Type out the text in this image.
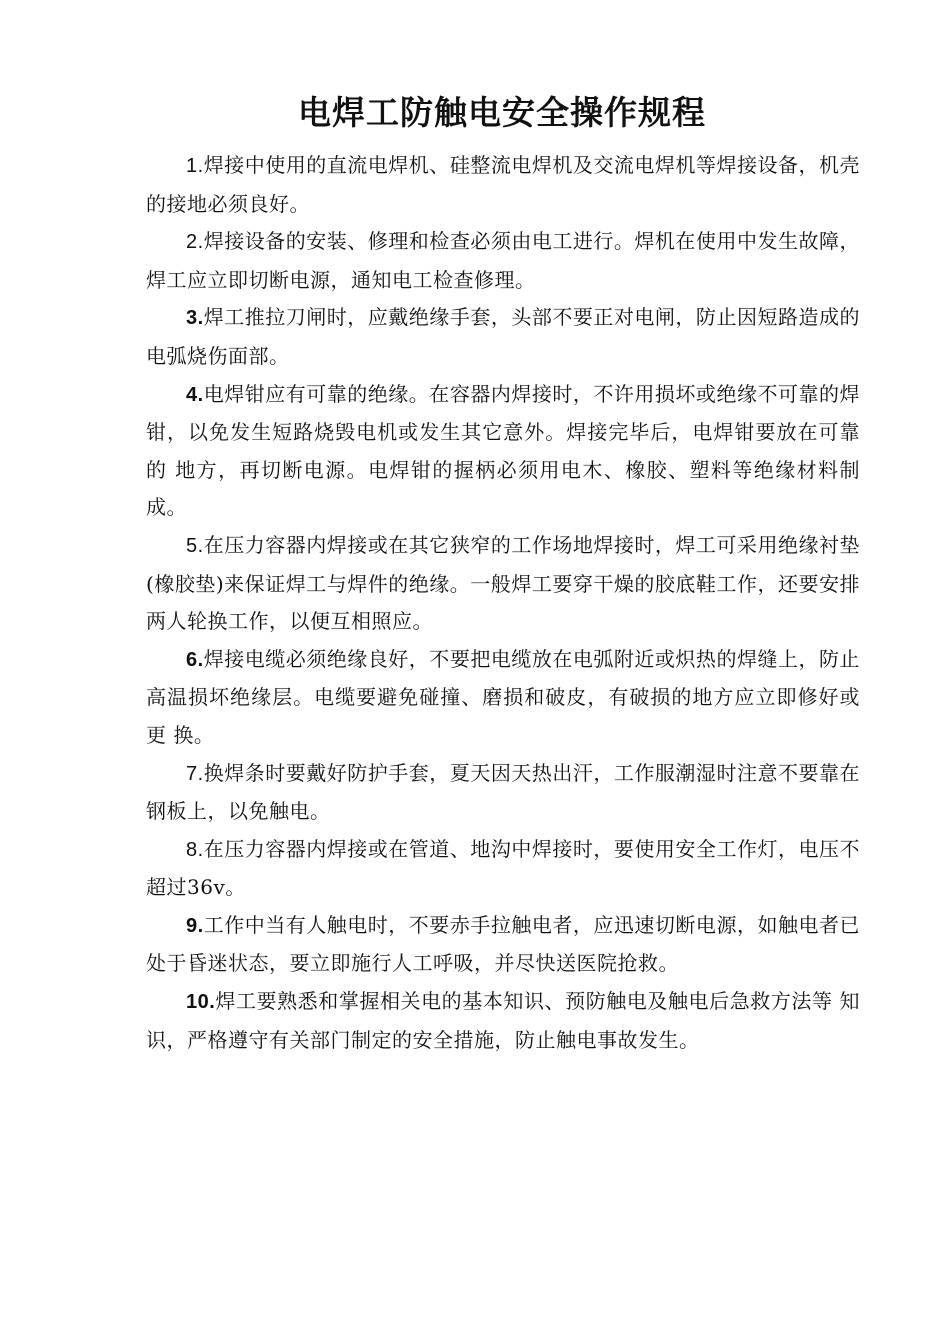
电焊工防触电安全操作规程

1.焊接中使用的直流电焊机、硅整流电焊机及交流电焊机等焊接设备，机壳 的接地必须良好。

2.焊接设备的安装、修理和检查必须由电工进行。焊机在使用中发生故障， 焊工应立即切断电源，通知电工检查修理。

3.焊工推拉刀闸时，应戴绝缘手套，头部不要正对电闸，防止因短路造成的 电弧烧伤面部。

4.电焊钳应有可靠的绝缘。在容器内焊接时，不许用损坏或绝缘不可靠的焊 钳，以免发生短路烧毁电机或发生其它意外。焊接完毕后，电焊钳要放在可靠的 地方，再切断电源。电焊钳的握柄必须用电木、橡胶、塑料等绝缘材料制成。

5.在压力容器内焊接或在其它狭窄的工作场地焊接时，焊工可采用绝缘衬垫 (橡胶垫)来保证焊工与焊件的绝缘。一般焊工要穿干燥的胶底鞋工作，还要安排 两人轮换工作，以便互相照应。

6.焊接电缆必须绝缘良好，不要把电缆放在电弧附近或炽热的焊缝上，防止 高温损坏绝缘层。电缆要避免碰撞、磨损和破皮，有破损的地方应立即修好或更 换。

7.换焊条时要戴好防护手套，夏天因天热出汗，工作服潮湿时注意不要靠在 钢板上，以免触电。

8.在压力容器内焊接或在管道、地沟中焊接时，要使用安全工作灯，电压不 超过36v。

9.工作中当有人触电时，不要赤手拉触电者，应迅速切断电源，如触电者已 处于昏迷状态，要立即施行人工呼吸，并尽快送医院抢救。

10.焊工要熟悉和掌握相关电的基本知识、预防触电及触电后急救方法等 知识，严格遵守有关部门制定的安全措施，防止触电事故发生。
